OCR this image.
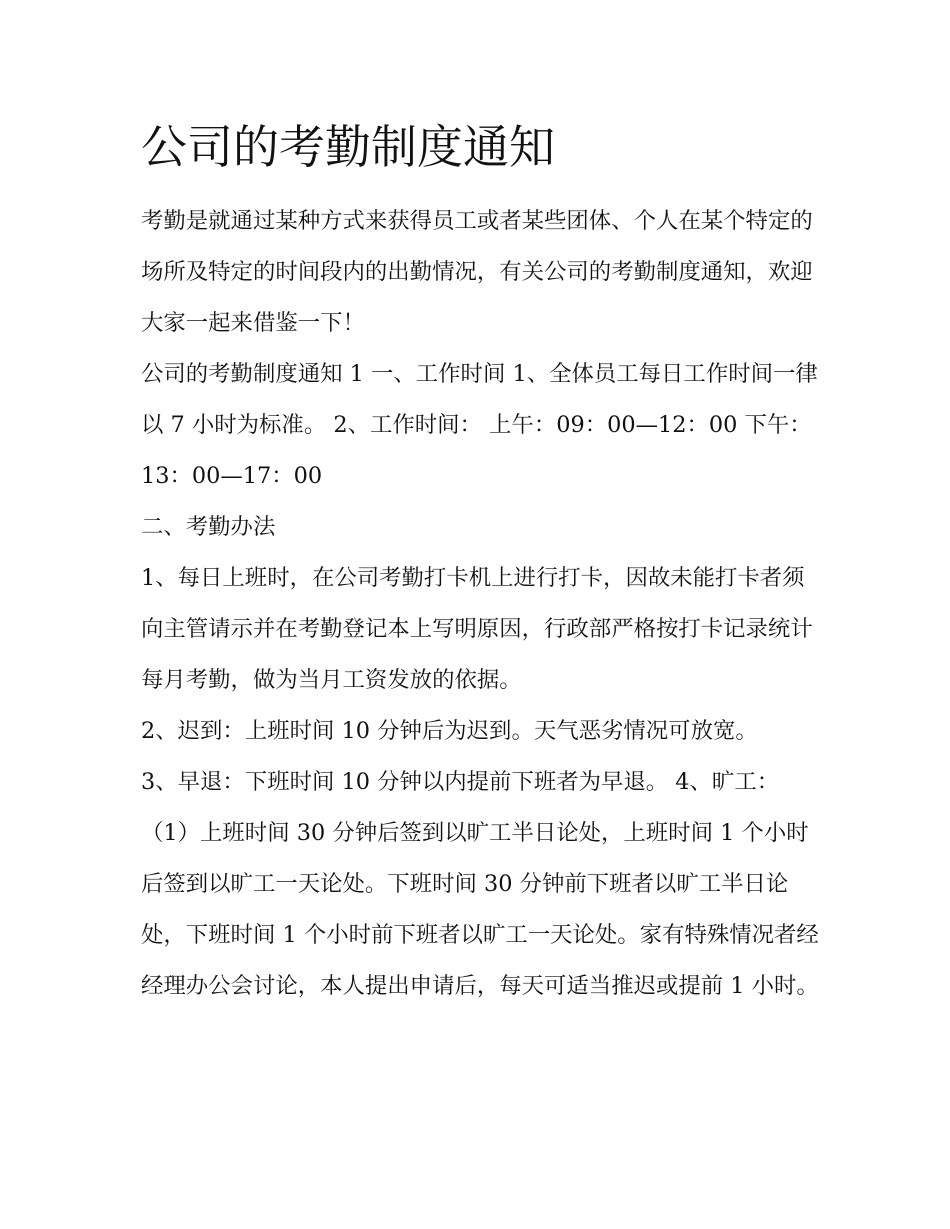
公司的考勤制度通知

考勤是就通过某种方式来获得员工或者某些团体、个人在某个特定的场所及特定的时间段内的出勤情况，有关公司的考勤制度通知，欢迎大家一起来借鉴一下！

公司的考勤制度通知 1 一、工作时间 1、全体员工每日工作时间一律以 7 小时为标准。 2、工作时间： 上午：09：00—12：00 下午：13：00—17：00

二、考勤办法

1、每日上班时，在公司考勤打卡机上进行打卡，因故未能打卡者须向主管请示并在考勤登记本上写明原因，行政部严格按打卡记录统计每月考勤，做为当月工资发放的依据。

2、迟到：上班时间 10 分钟后为迟到。天气恶劣情况可放宽。

3、早退：下班时间 10 分钟以内提前下班者为早退。 4、旷工：

（1）上班时间 30 分钟后签到以旷工半日论处，上班时间 1 个小时后签到以旷工一天论处。下班时间 30 分钟前下班者以旷工半日论处，下班时间 1 个小时前下班者以旷工一天论处。家有特殊情况者经经理办公会讨论，本人提出申请后，每天可适当推迟或提前 1 小时。
